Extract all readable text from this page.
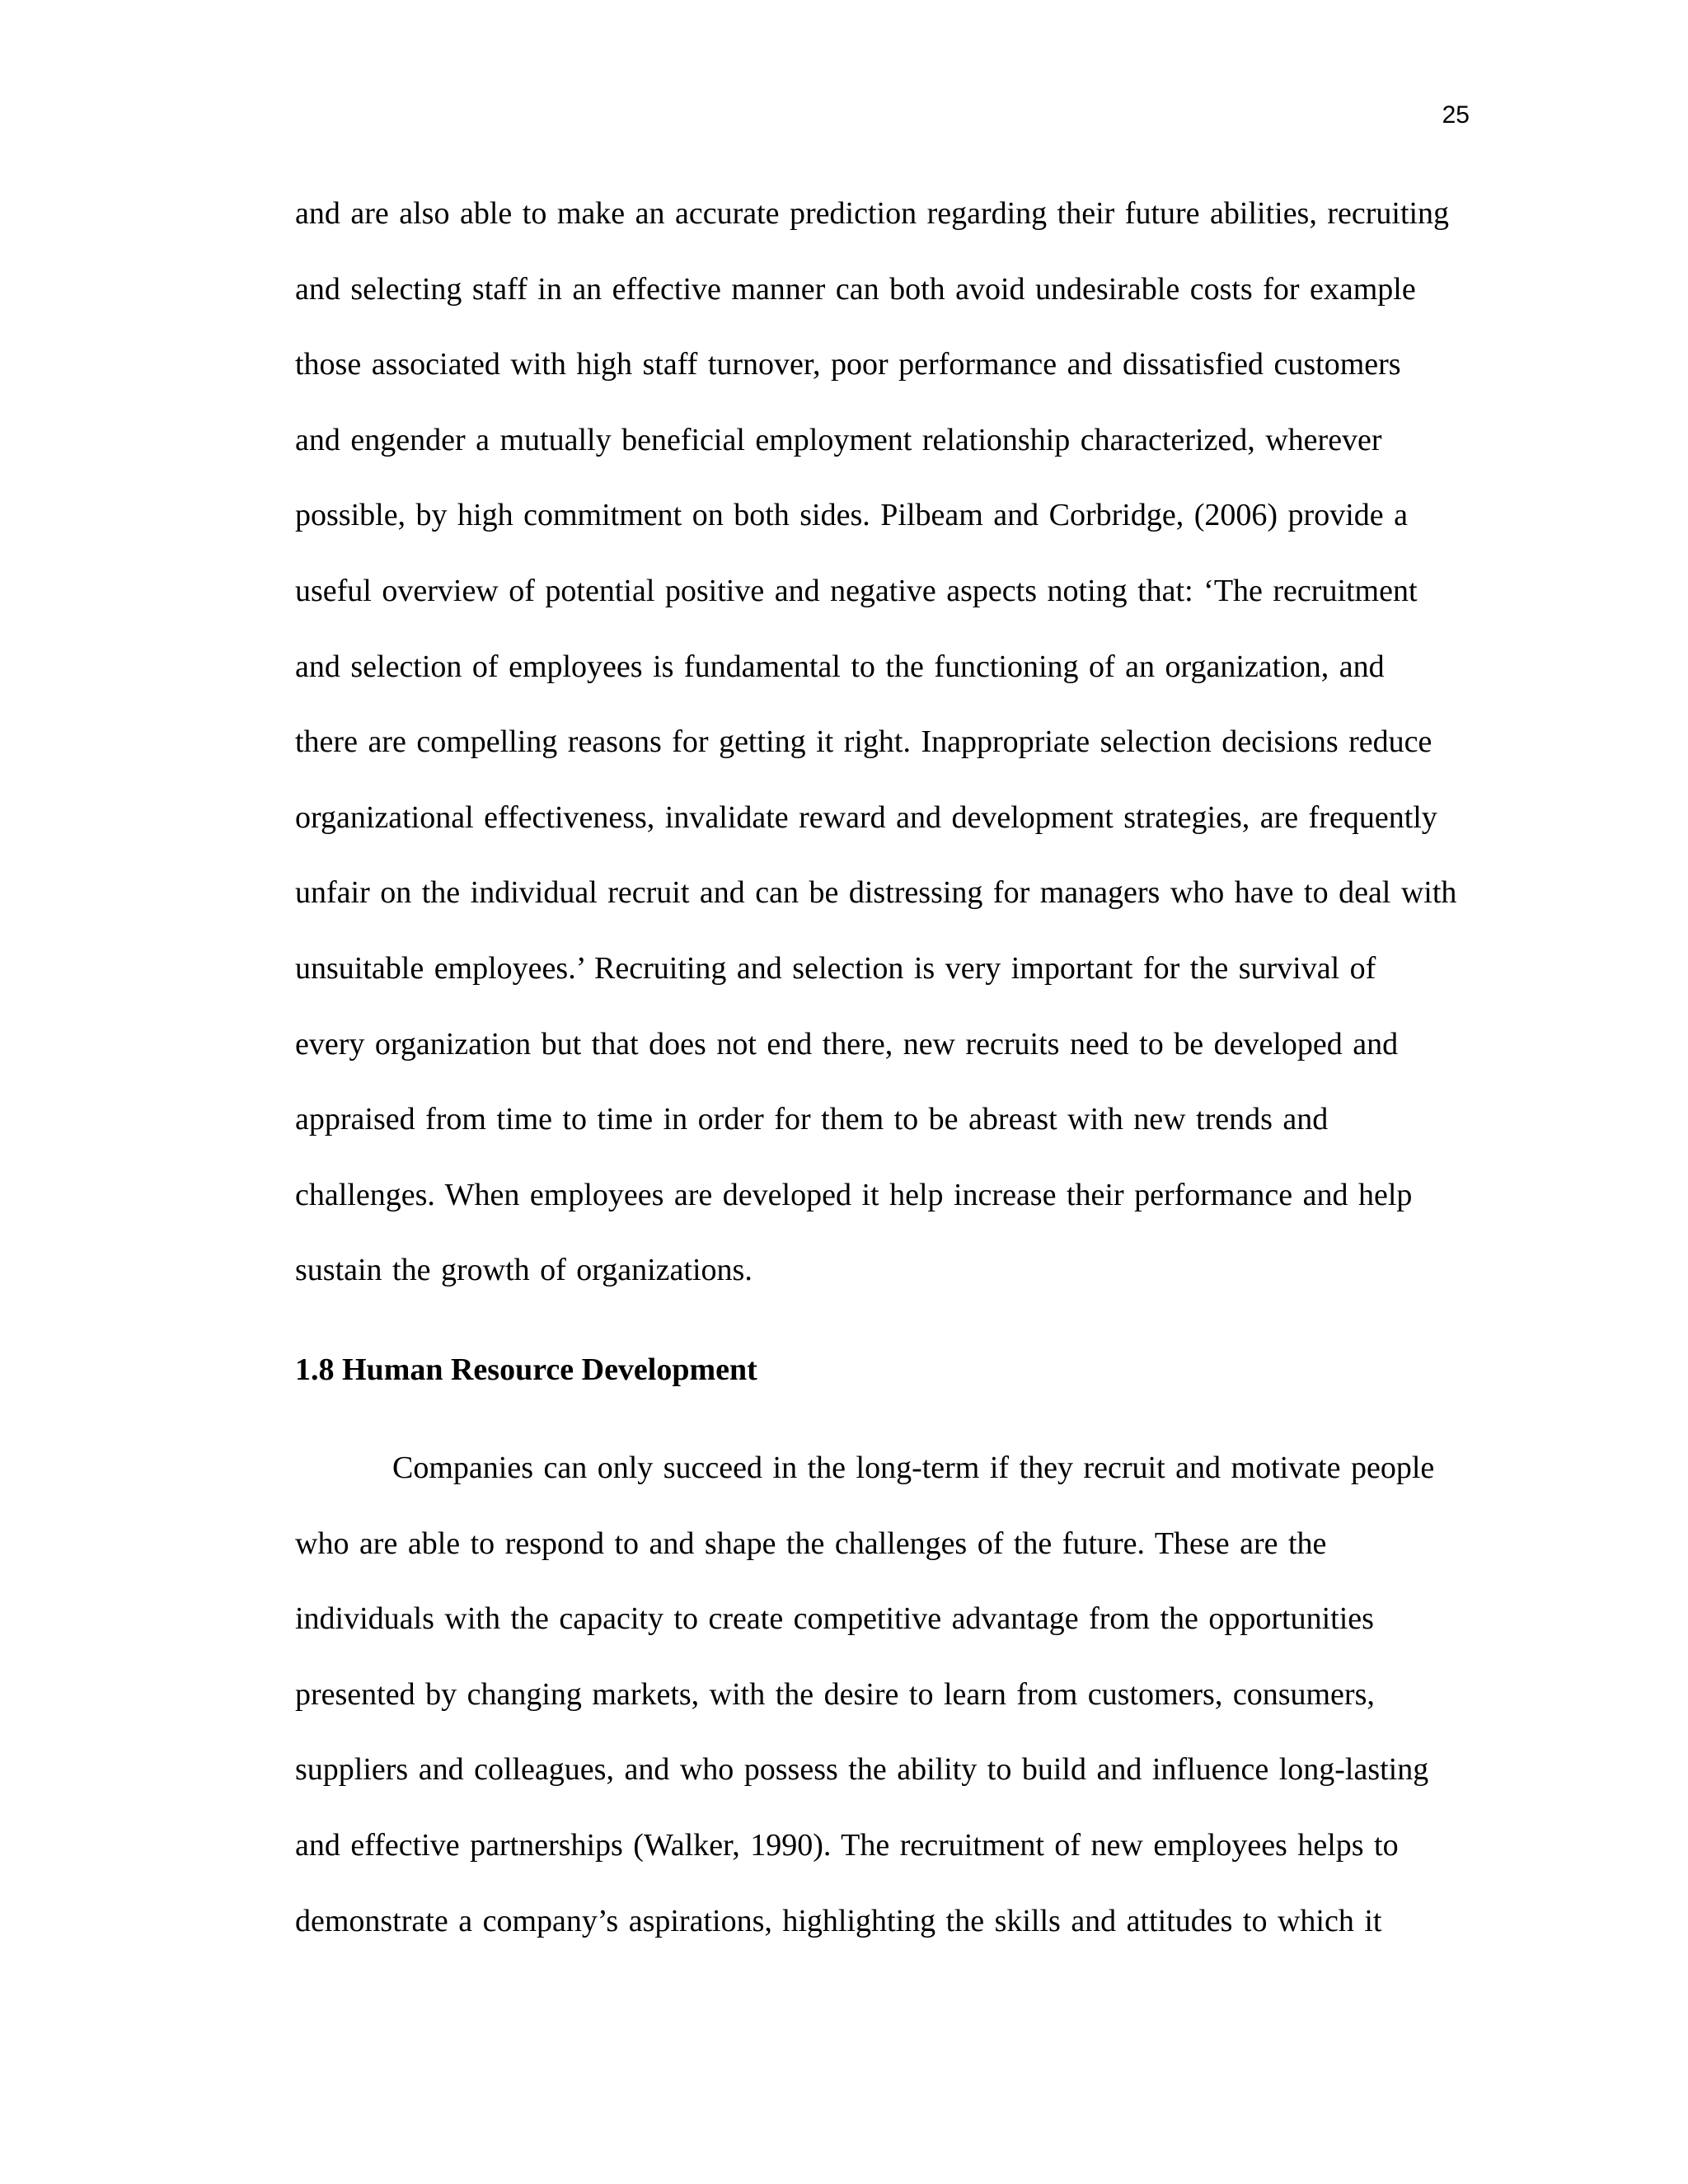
25
and are also able to make an accurate prediction regarding their future abilities, recruiting
and selecting staff in an effective manner can both avoid undesirable costs for example
those associated with high staff turnover, poor performance and dissatisfied customers
and engender a mutually beneficial employment relationship characterized, wherever
possible, by high commitment on both sides. Pilbeam and Corbridge, (2006) provide a
useful overview of potential positive and negative aspects noting that: ‘The recruitment
and selection of employees is fundamental to the functioning of an organization, and
there are compelling reasons for getting it right. Inappropriate selection decisions reduce
organizational effectiveness, invalidate reward and development strategies, are frequently
unfair on the individual recruit and can be distressing for managers who have to deal with
unsuitable employees.’ Recruiting and selection is very important for the survival of
every organization but that does not end there, new recruits need to be developed and
appraised from time to time in order for them to be abreast with new trends and
challenges. When employees are developed it help increase their performance and help
sustain the growth of organizations.
1.8 Human Resource Development
Companies can only succeed in the long-term if they recruit and motivate people
who are able to respond to and shape the challenges of the future. These are the
individuals with the capacity to create competitive advantage from the opportunities
presented by changing markets, with the desire to learn from customers, consumers,
suppliers and colleagues, and who possess the ability to build and influence long-lasting
and effective partnerships (Walker, 1990). The recruitment of new employees helps to
demonstrate a company’s aspirations, highlighting the skills and attitudes to which it
